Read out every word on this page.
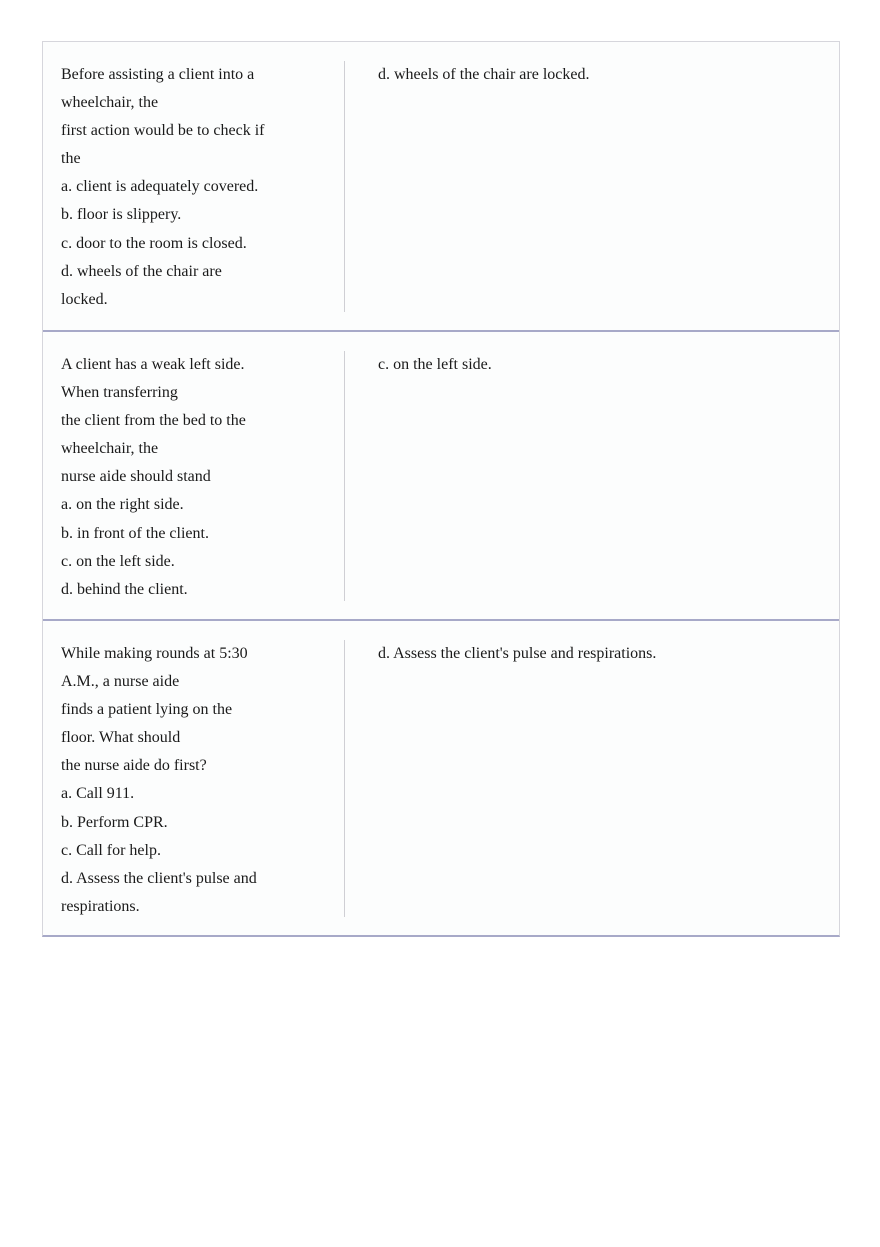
Before assisting a client into a
wheelchair, the
first action would be to check if
the
a. client is adequately covered.
b. floor is slippery.
c. door to the room is closed.
d. wheels of the chair are
locked.
d. wheels of the chair are locked.
A client has a weak left side.
When transferring
the client from the bed to the
wheelchair, the
nurse aide should stand
a. on the right side.
b. in front of the client.
c. on the left side.
d. behind the client.
c. on the left side.
While making rounds at 5:30
A.M., a nurse aide
finds a patient lying on the
floor. What should
the nurse aide do first?
a. Call 911.
b. Perform CPR.
c. Call for help.
d. Assess the client's pulse and
respirations.
d. Assess the client's pulse and respirations.
